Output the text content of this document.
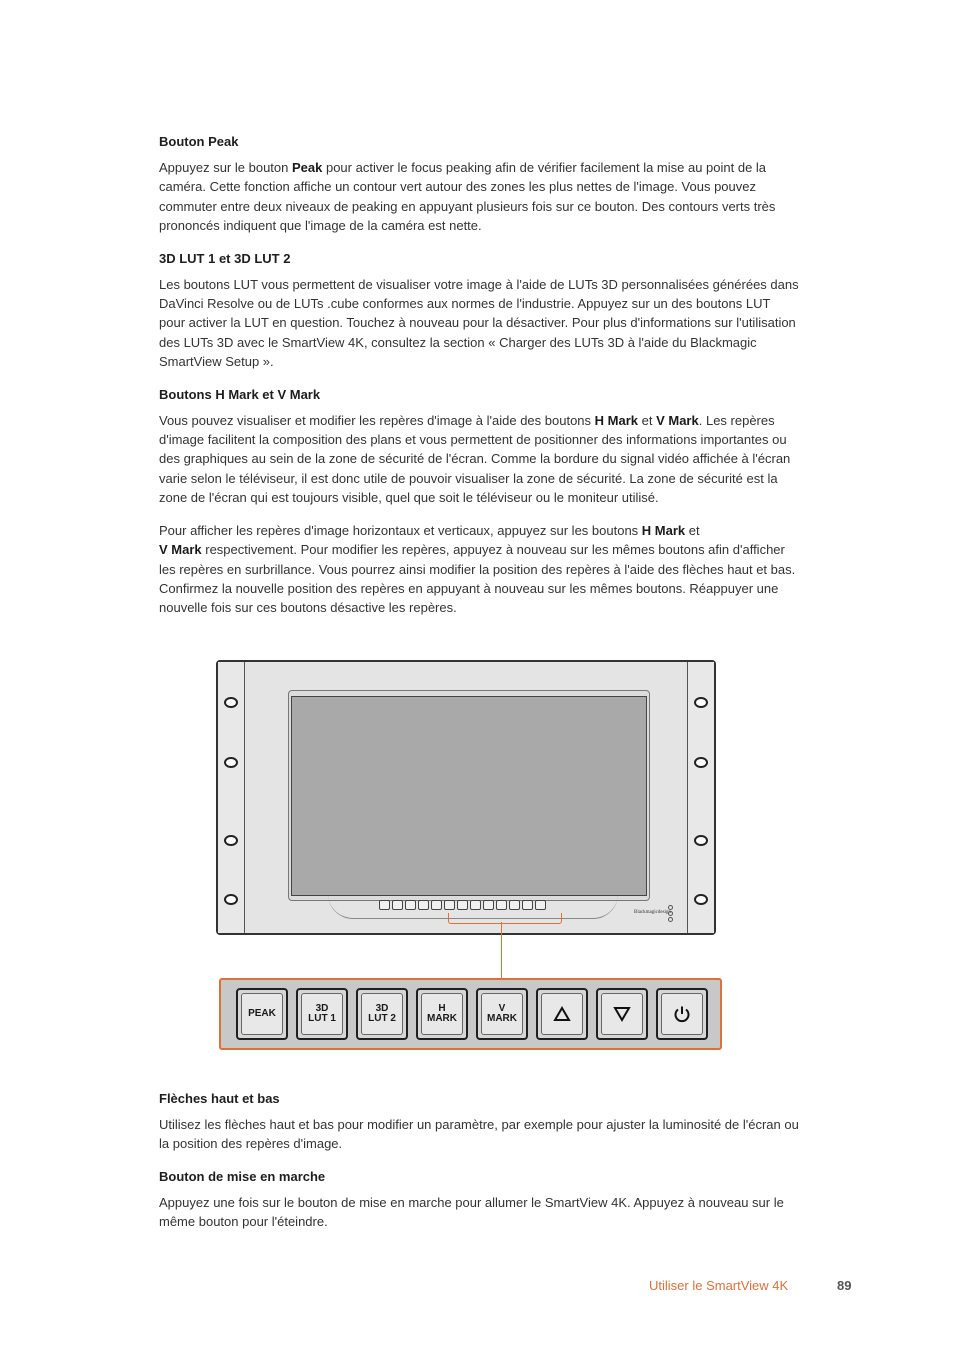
Bouton Peak

Appuyez sur le bouton Peak pour activer le focus peaking afin de vérifier facilement la mise au point de la caméra. Cette fonction affiche un contour vert autour des zones les plus nettes de l'image. Vous pouvez commuter entre deux niveaux de peaking en appuyant plusieurs fois sur ce bouton. Des contours verts très prononcés indiquent que l'image de la caméra est nette.

3D LUT 1 et 3D LUT 2

Les boutons LUT vous permettent de visualiser votre image à l'aide de LUTs 3D personnalisées générées dans DaVinci Resolve ou de LUTs .cube conformes aux normes de l'industrie. Appuyez sur un des boutons LUT pour activer la LUT en question. Touchez à nouveau pour la désactiver. Pour plus d'informations sur l'utilisation des LUTs 3D avec le SmartView 4K, consultez la section « Charger des LUTs 3D à l'aide du Blackmagic SmartView Setup ».

Boutons H Mark et V Mark

Vous pouvez visualiser et modifier les repères d'image à l'aide des boutons H Mark et V Mark. Les repères d'image facilitent la composition des plans et vous permettent de positionner des informations importantes ou des graphiques au sein de la zone de sécurité de l'écran. Comme la bordure du signal vidéo affichée à l'écran varie selon le téléviseur, il est donc utile de pouvoir visualiser la zone de sécurité. La zone de sécurité est la zone de l'écran qui est toujours visible, quel que soit le téléviseur ou le moniteur utilisé.

Pour afficher les repères d'image horizontaux et verticaux, appuyez sur les boutons H Mark et
V Mark respectivement. Pour modifier les repères, appuyez à nouveau sur les mêmes boutons afin d'afficher les repères en surbrillance. Vous pourrez ainsi modifier la position des repères à l'aide des flèches haut et bas. Confirmez la nouvelle position des repères en appuyant à nouveau sur les mêmes boutons. Réappuyer une nouvelle fois sur ces boutons désactive les repères.

Blackmagicdesign
PEAK	3D
LUT 1
3D
LUT 2
H
MARK
V
MARK
Flèches haut et bas

Utilisez les flèches haut et bas pour modifier un paramètre, par exemple pour ajuster la luminosité de l'écran ou la position des repères d'image.

Bouton de mise en marche

Appuyez une fois sur le bouton de mise en marche pour allumer le SmartView 4K. Appuyez à nouveau sur le même bouton pour l'éteindre.

Utiliser le SmartView 4K	89
